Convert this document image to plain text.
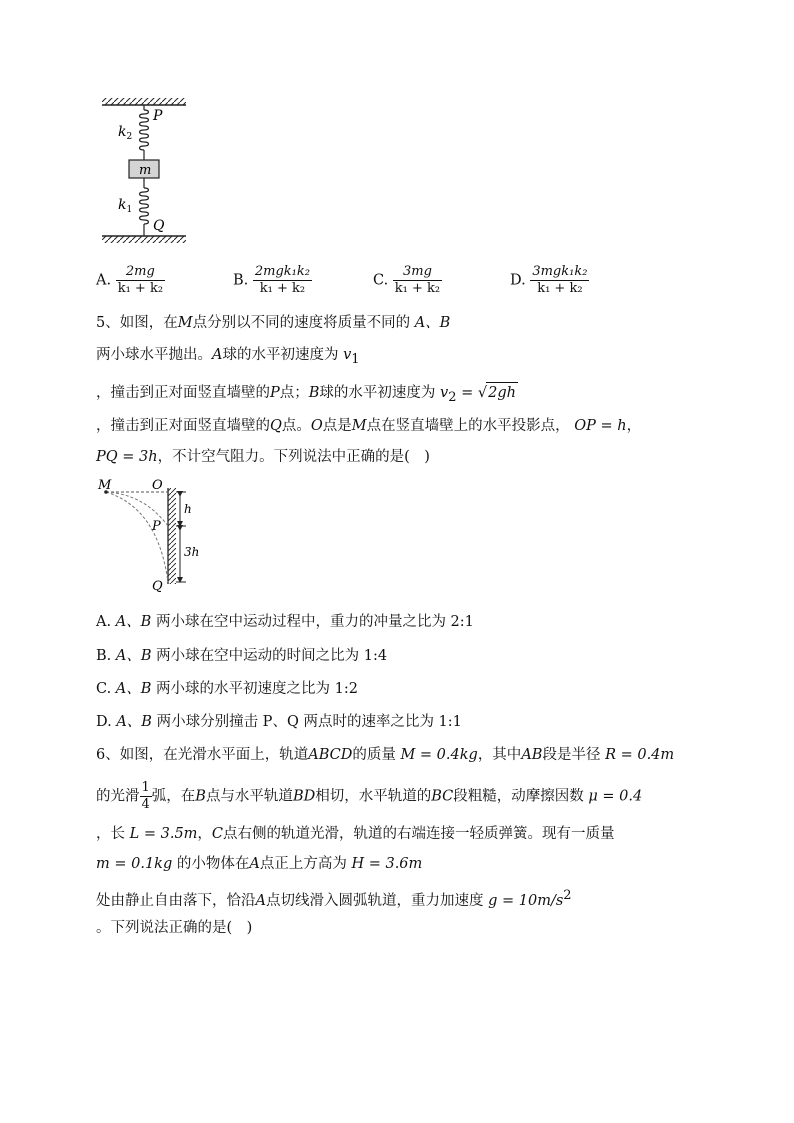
$k_2$
P
m
$k_1$
Q
A. $\frac{2mg}{\text{k₁ + k₂}}$	B. $\frac{\text{2mgk₁k₂}}{\text{k₁ + k₂}}$	C. $\frac{3mg}{\text{k₁ + k₂}}$	D. $\frac{\text{3mgk₁k₂}}{\text{k₁ + k₂}}$
5、如图，在M点分别以不同的速度将质量不同的 A、B
两小球水平抛出。A球的水平初速度为 $v_1$
，撞击到正对面竖直墙壁的P点；B球的水平初速度为 $v_2 = √2gh$
，撞击到正对面竖直墙壁的Q点。O点是M点在竖直墙壁上的水平投影点， OP = h，
PQ = 3h，不计空气阻力。下列说法中正确的是(　)
M	O
P
Q
h
3h
A. A、B 两小球在空中运动过程中，重力的冲量之比为 2:1
B. A、B 两小球在空中运动的时间之比为 1:4
C. A、B 两小球的水平初速度之比为 1:2
D. A、B 两小球分别撞击 P、Q 两点时的速率之比为 1:1
6、如图，在光滑水平面上，轨道ABCD的质量 M = 0.4kg，其中AB段是半径 R = 0.4m
的光滑 $\frac{1}{4}$ 弧，在B点与水平轨道BD相切，水平轨道的BC段粗糙，动摩擦因数 μ = 0.4
，长 L = 3.5m，C点右侧的轨道光滑，轨道的右端连接一轻质弹簧。现有一质量
m = 0.1kg 的小物体在A点正上方高为 H = 3.6m
处由静止自由落下，恰沿A点切线滑入圆弧轨道，重力加速度 $g = 10m/s^2$
。下列说法正确的是(　)
